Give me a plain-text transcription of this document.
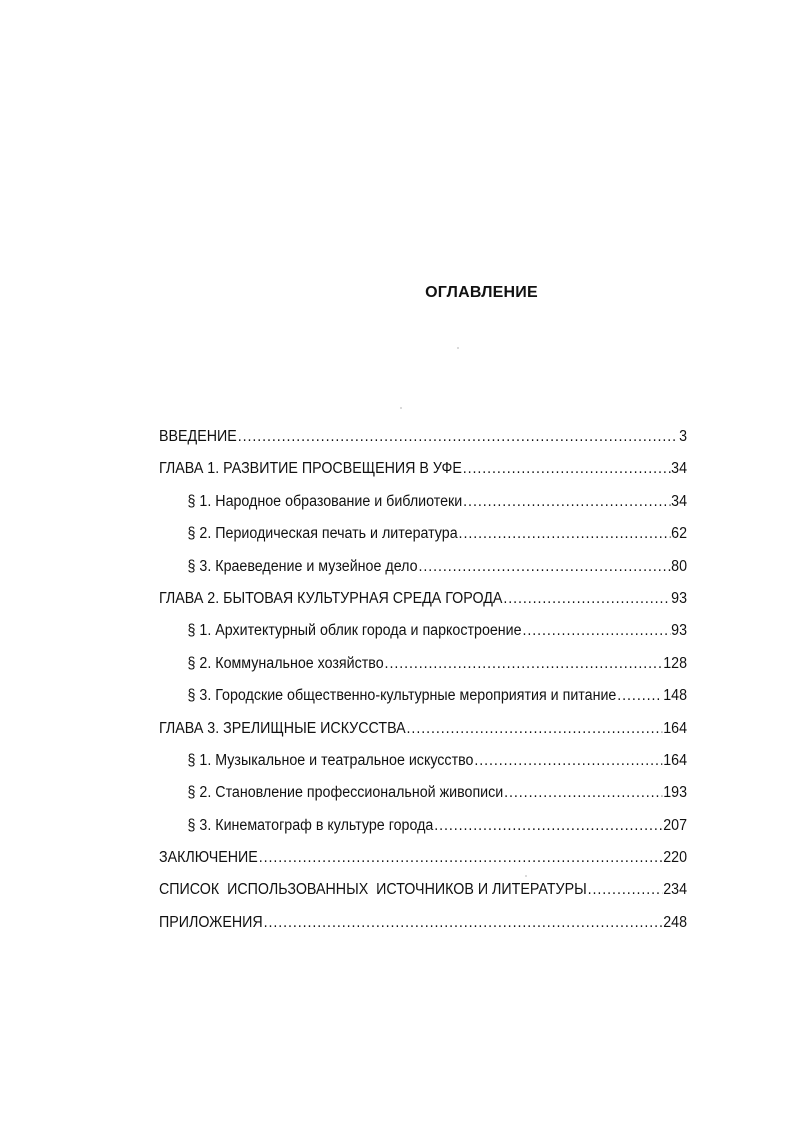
ОГЛАВЛЕНИЕ
ВВЕДЕНИЕ .....	3
ГЛАВА 1. РАЗВИТИЕ ПРОСВЕЩЕНИЯ В УФЕ .....	34
§ 1. Народное образование и библиотеки .....	34
§ 2. Периодическая печать и литература .....	62
§ 3. Краеведение и музейное дело .....	80
ГЛАВА 2. БЫТОВАЯ КУЛЬТУРНАЯ СРЕДА ГОРОДА .....	93
§ 1. Архитектурный облик города и паркостроение .....	93
§ 2. Коммунальное хозяйство .....	128
§ 3. Городские общественно-культурные мероприятия и питание .....	148
ГЛАВА 3. ЗРЕЛИЩНЫЕ ИСКУССТВА .....	164
§ 1. Музыкальное и театральное искусство .....	164
§ 2. Становление профессиональной живописи .....	193
§ 3. Кинематограф в культуре города .....	207
ЗАКЛЮЧЕНИЕ .....	220
СПИСОК  ИСПОЛЬЗОВАННЫХ  ИСТОЧНИКОВ И ЛИТЕРАТУРЫ .....	234
ПРИЛОЖЕНИЯ .....	248
